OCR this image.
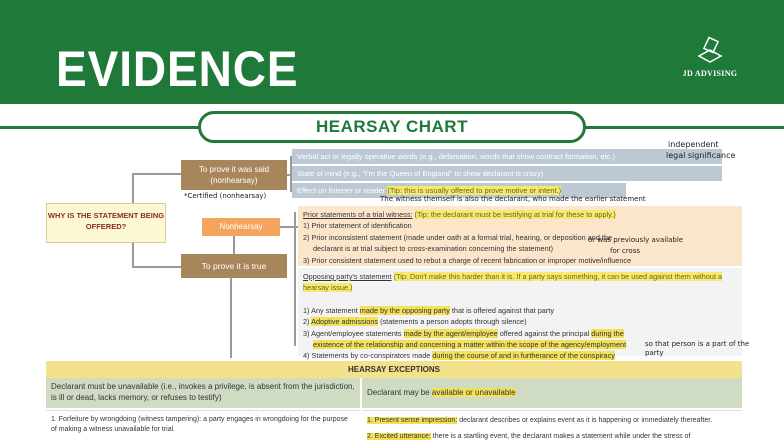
EVIDENCE	JD ADVISING
HEARSAY CHART
WHY IS THE STATEMENT BEING OFFERED?
To prove it was said (nonhearsay)
Nonhearsay
To prove it is true
Verbal act or legally operative words (e.g., defamation, words that show contract formation, etc.)
State of mind (e.g., "I'm the Queen of England" to show declarant is crazy)
Effect on listener or reader (Tip: this is usually offered to prove motive or intent.)
Prior statements of a trial witness: (Tip: the declarant must be testifying at trial for these to apply.)
1) Prior statement of identification
2) Prior inconsistent statement (made under oath at a formal trial, hearing, or deposition and the
declarant is at trial subject to cross-examination concerning the statement)
3) Prior consistent statement used to rebut a charge of recent fabrication or improper motive/influence
Opposing party's statement (Tip: Don't make this harder than it is. If a party says something, it can be used against them without a hearsay issue.)
1) Any statement made by the opposing party that is offered against that party
2) Adoptive admissions (statements a person adopts through silence)
3) Agent/employee statements made by the agent/employee offered against the principal during the
existence of the relationship and concerning a matter within the scope of the agency/employment
4) Statements by co-conspirators made during the course of and in furtherance of the conspiracy
independent
legal significance
*Certified (nonhearsay)	The witness themself is also the declarant, who made the earlier statement
or was previously available
for cross
so that person is a part of the party
HEARSAY EXCEPTIONS
Declarant must be unavailable (i.e., invokes a privilege, is absent from the jurisdiction, is ill or dead, lacks memory, or refuses to testify)
Declarant may be available or unavailable
1. Forfeiture by wrongdoing (witness tampering): a party engages in wrongdoing for the purpose of making a witness unavailable for trial.
1. Present sense impression: declarant describes or explains event as it is happening or immediately thereafter.
2. Excited utterance: there is a startling event, the declarant makes a statement while under the stress of
